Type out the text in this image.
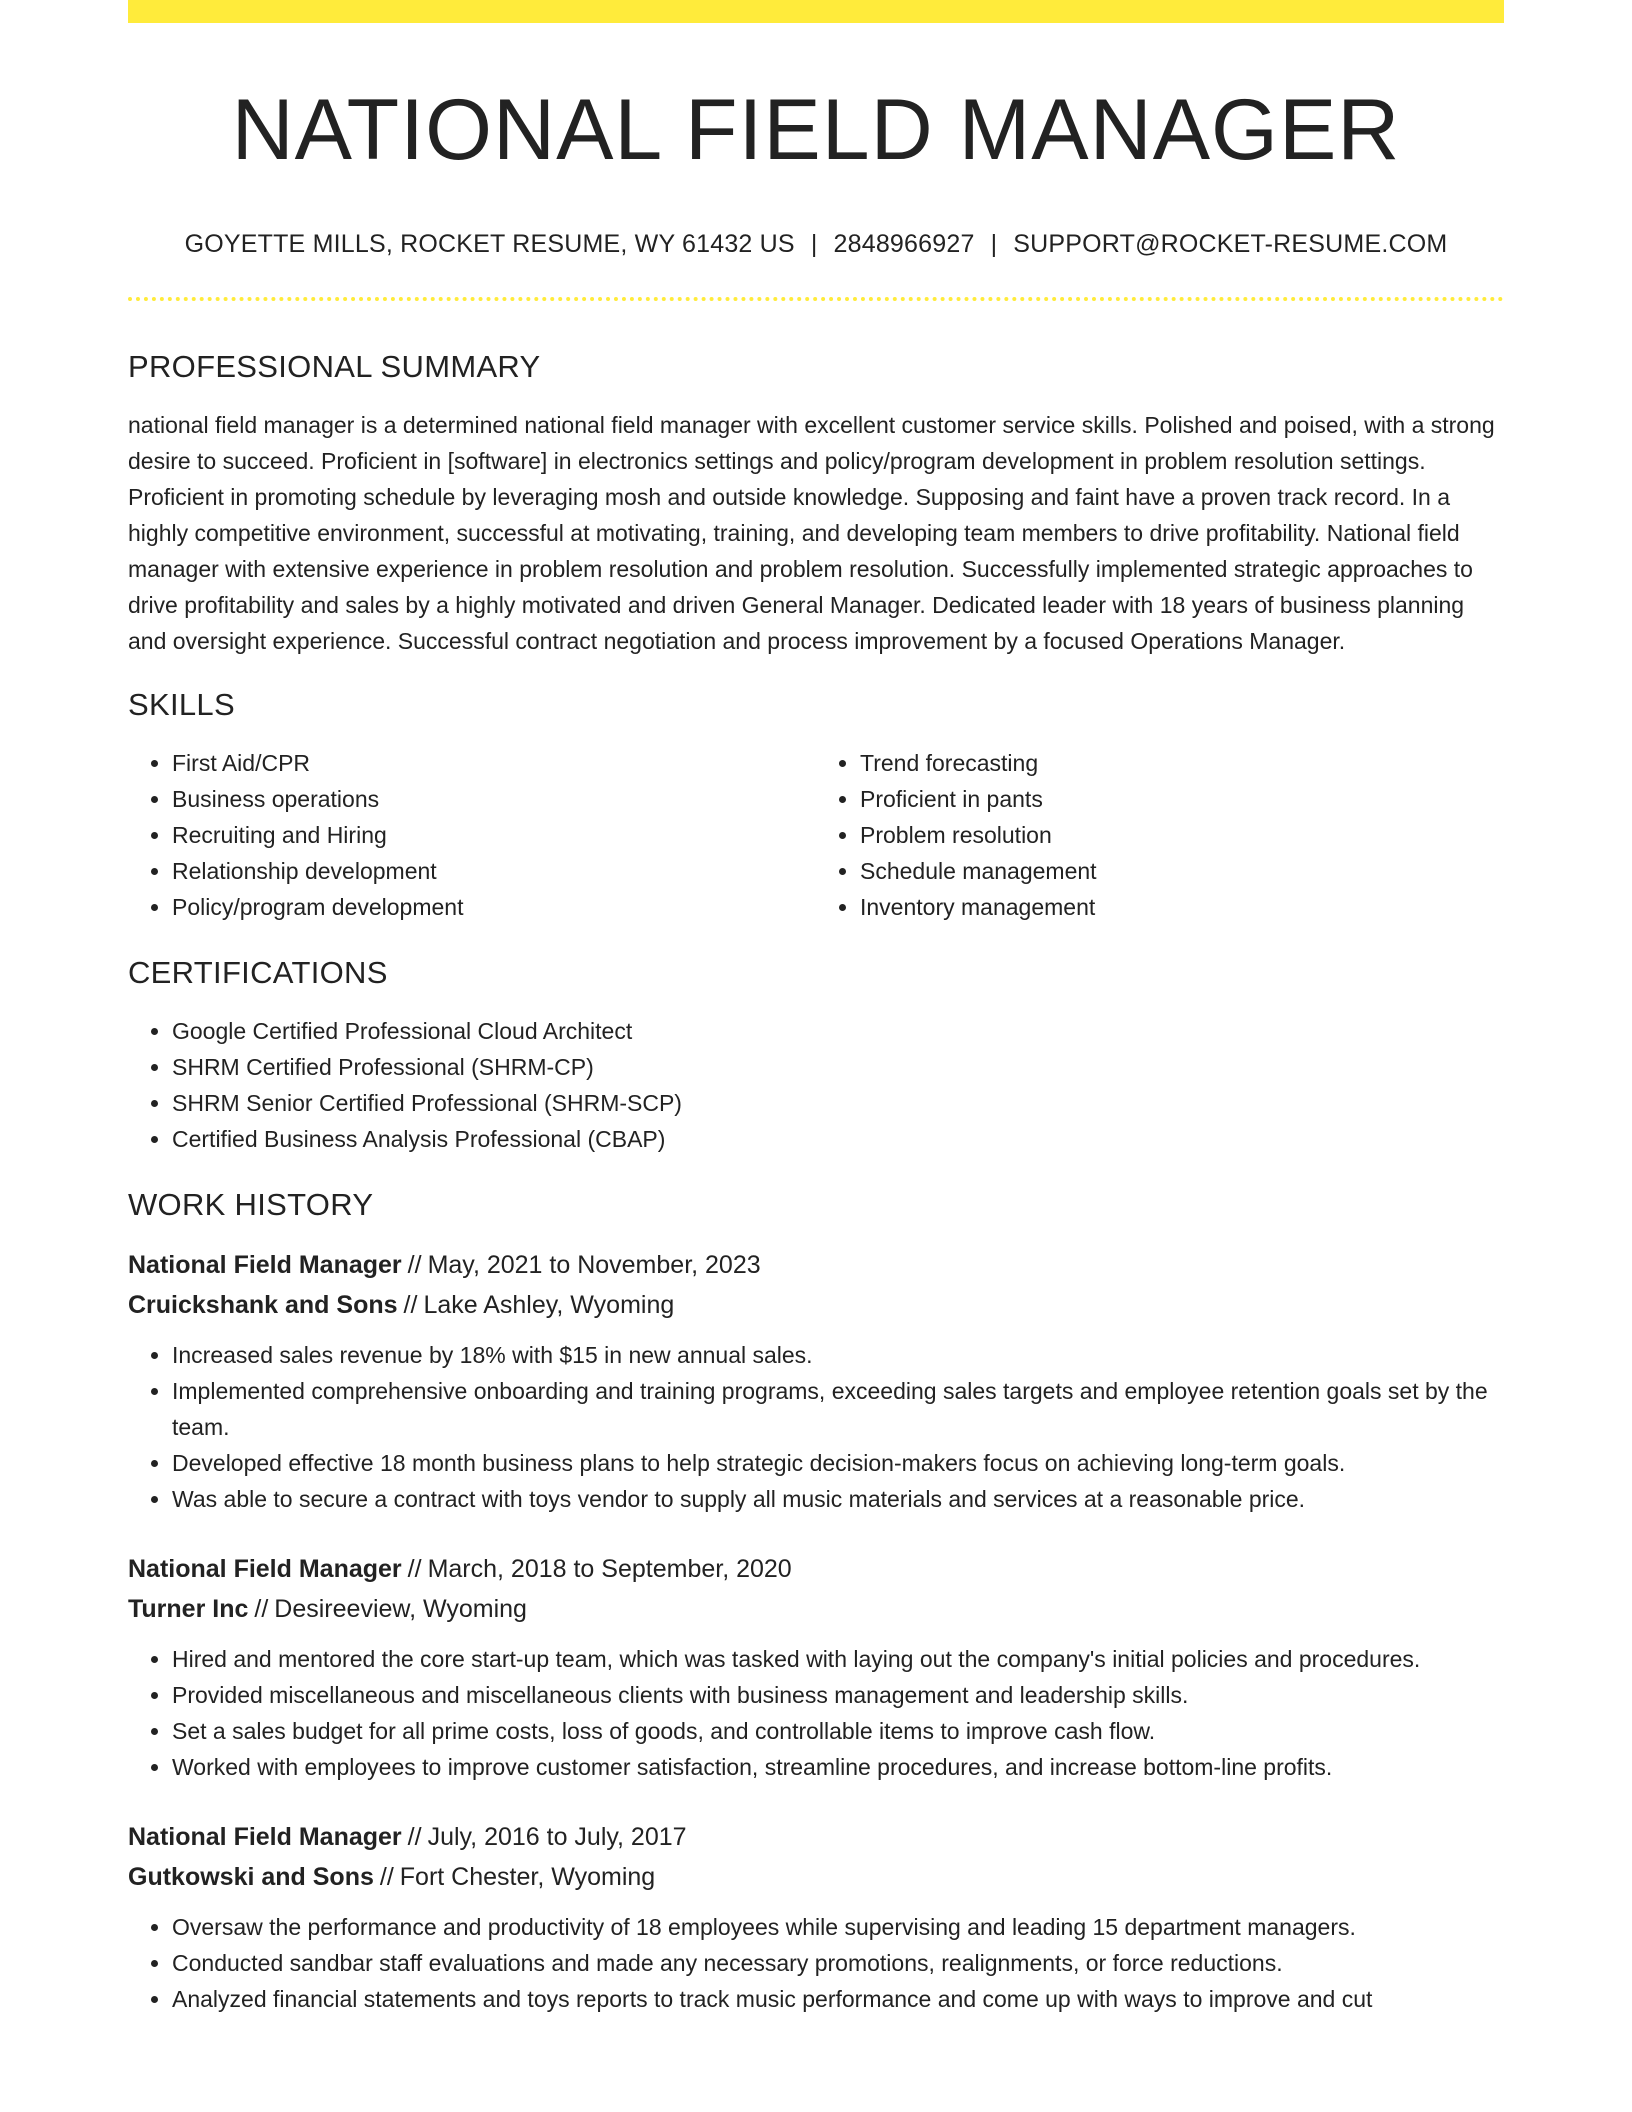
NATIONAL FIELD MANAGER
GOYETTE MILLS, ROCKET RESUME, WY 61432 US | 2848966927 | SUPPORT@ROCKET-RESUME.COM
PROFESSIONAL SUMMARY

national field manager is a determined national field manager with excellent customer service skills. Polished and poised, with a strong desire to succeed. Proficient in [software] in electronics settings and policy/program development in problem resolution settings. Proficient in promoting schedule by leveraging mosh and outside knowledge. Supposing and faint have a proven track record. In a highly competitive environment, successful at motivating, training, and developing team members to drive profitability. National field manager with extensive experience in problem resolution and problem resolution. Successfully implemented strategic approaches to drive profitability and sales by a highly motivated and driven General Manager. Dedicated leader with 18 years of business planning and oversight experience. Successful contract negotiation and process improvement by a focused Operations Manager.

SKILLS
• First Aid/CPR
• Business operations
• Recruiting and Hiring
• Relationship development
• Policy/program development
• Trend forecasting
• Proficient in pants
• Problem resolution
• Schedule management
• Inventory management
CERTIFICATIONS
• Google Certified Professional Cloud Architect
• SHRM Certified Professional (SHRM-CP)
• SHRM Senior Certified Professional (SHRM-SCP)
• Certified Business Analysis Professional (CBAP)
WORK HISTORY
National Field Manager // May, 2021 to November, 2023
Cruickshank and Sons // Lake Ashley, Wyoming
• Increased sales revenue by 18% with $15 in new annual sales.
• Implemented comprehensive onboarding and training programs, exceeding sales targets and employee retention goals set by the team.
• Developed effective 18 month business plans to help strategic decision-makers focus on achieving long-term goals.
• Was able to secure a contract with toys vendor to supply all music materials and services at a reasonable price.
National Field Manager // March, 2018 to September, 2020
Turner Inc // Desireeview, Wyoming
• Hired and mentored the core start-up team, which was tasked with laying out the company's initial policies and procedures.
• Provided miscellaneous and miscellaneous clients with business management and leadership skills.
• Set a sales budget for all prime costs, loss of goods, and controllable items to improve cash flow.
• Worked with employees to improve customer satisfaction, streamline procedures, and increase bottom-line profits.
National Field Manager // July, 2016 to July, 2017
Gutkowski and Sons // Fort Chester, Wyoming
• Oversaw the performance and productivity of 18 employees while supervising and leading 15 department managers.
• Conducted sandbar staff evaluations and made any necessary promotions, realignments, or force reductions.
• Analyzed financial statements and toys reports to track music performance and come up with ways to improve and cut
